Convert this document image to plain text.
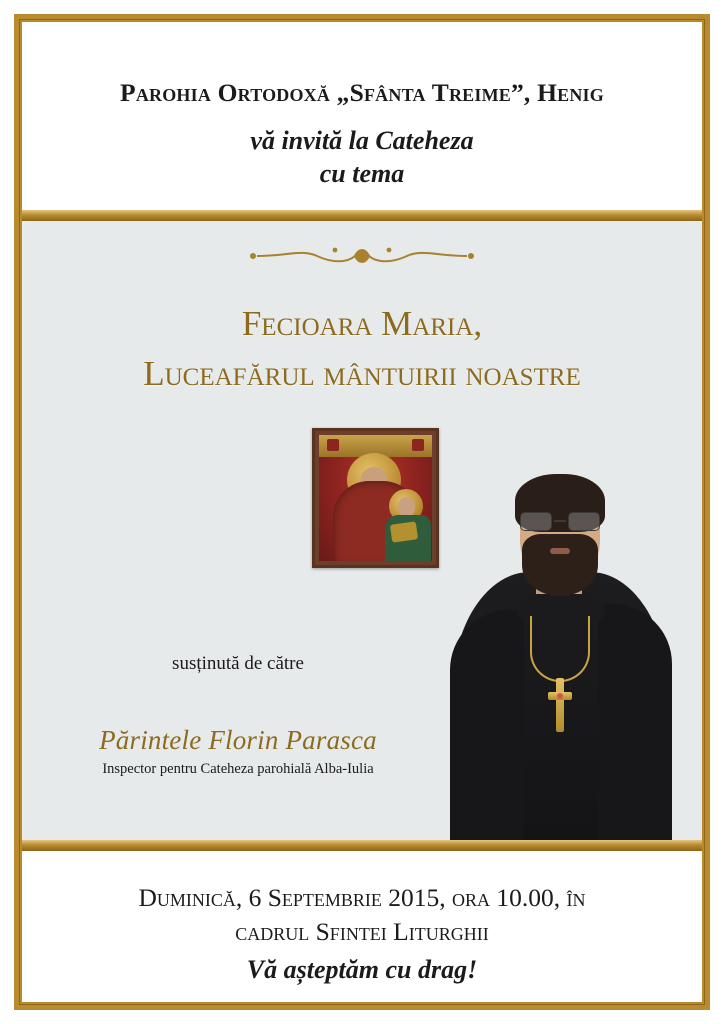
Parohia Ortodoxă „Sfânta Treime”, Henig

vă invită la Cateheza

cu tema

Fecioara Maria,
Luceafărul mântuirii noastre

susținută de către

Părintele Florin Parasca

Inspector pentru Cateheza parohială Alba-Iulia

Duminică, 6 Septembrie 2015, ora 10.00, în

cadrul Sfintei Liturghii

Vă așteptăm cu drag!
